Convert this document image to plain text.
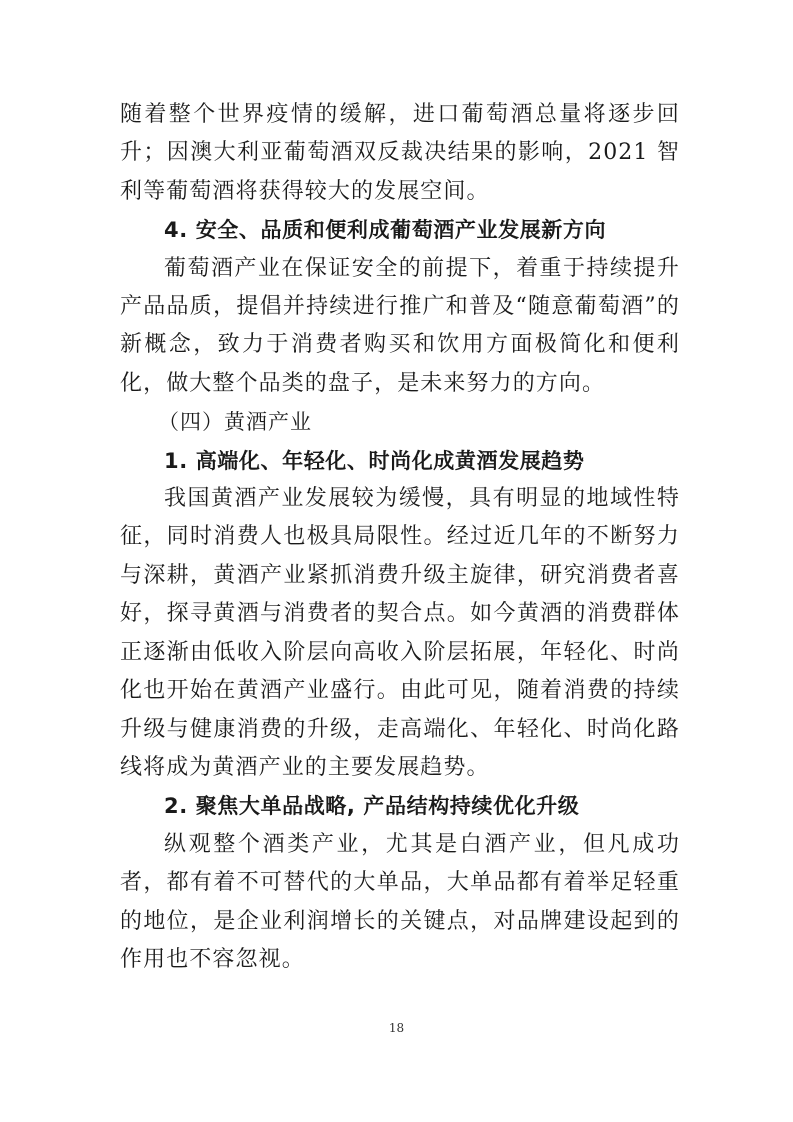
随着整个世界疫情的缓解，进口葡萄酒总量将逐步回升；因澳大利亚葡萄酒双反裁决结果的影响，2021 智利等葡萄酒将获得较大的发展空间。

4. 安全、品质和便利成葡萄酒产业发展新方向

葡萄酒产业在保证安全的前提下，着重于持续提升产品品质，提倡并持续进行推广和普及“随意葡萄酒”的新概念，致力于消费者购买和饮用方面极简化和便利化，做大整个品类的盘子，是未来努力的方向。

（四）黄酒产业

1. 高端化、年轻化、时尚化成黄酒发展趋势

我国黄酒产业发展较为缓慢，具有明显的地域性特征，同时消费人也极具局限性。经过近几年的不断努力与深耕，黄酒产业紧抓消费升级主旋律，研究消费者喜好，探寻黄酒与消费者的契合点。如今黄酒的消费群体正逐渐由低收入阶层向高收入阶层拓展，年轻化、时尚化也开始在黄酒产业盛行。由此可见，随着消费的持续升级与健康消费的升级，走高端化、年轻化、时尚化路线将成为黄酒产业的主要发展趋势。

2. 聚焦大单品战略, 产品结构持续优化升级

纵观整个酒类产业，尤其是白酒产业，但凡成功者，都有着不可替代的大单品，大单品都有着举足轻重的地位，是企业利润增长的关键点，对品牌建设起到的作用也不容忽视。

18
